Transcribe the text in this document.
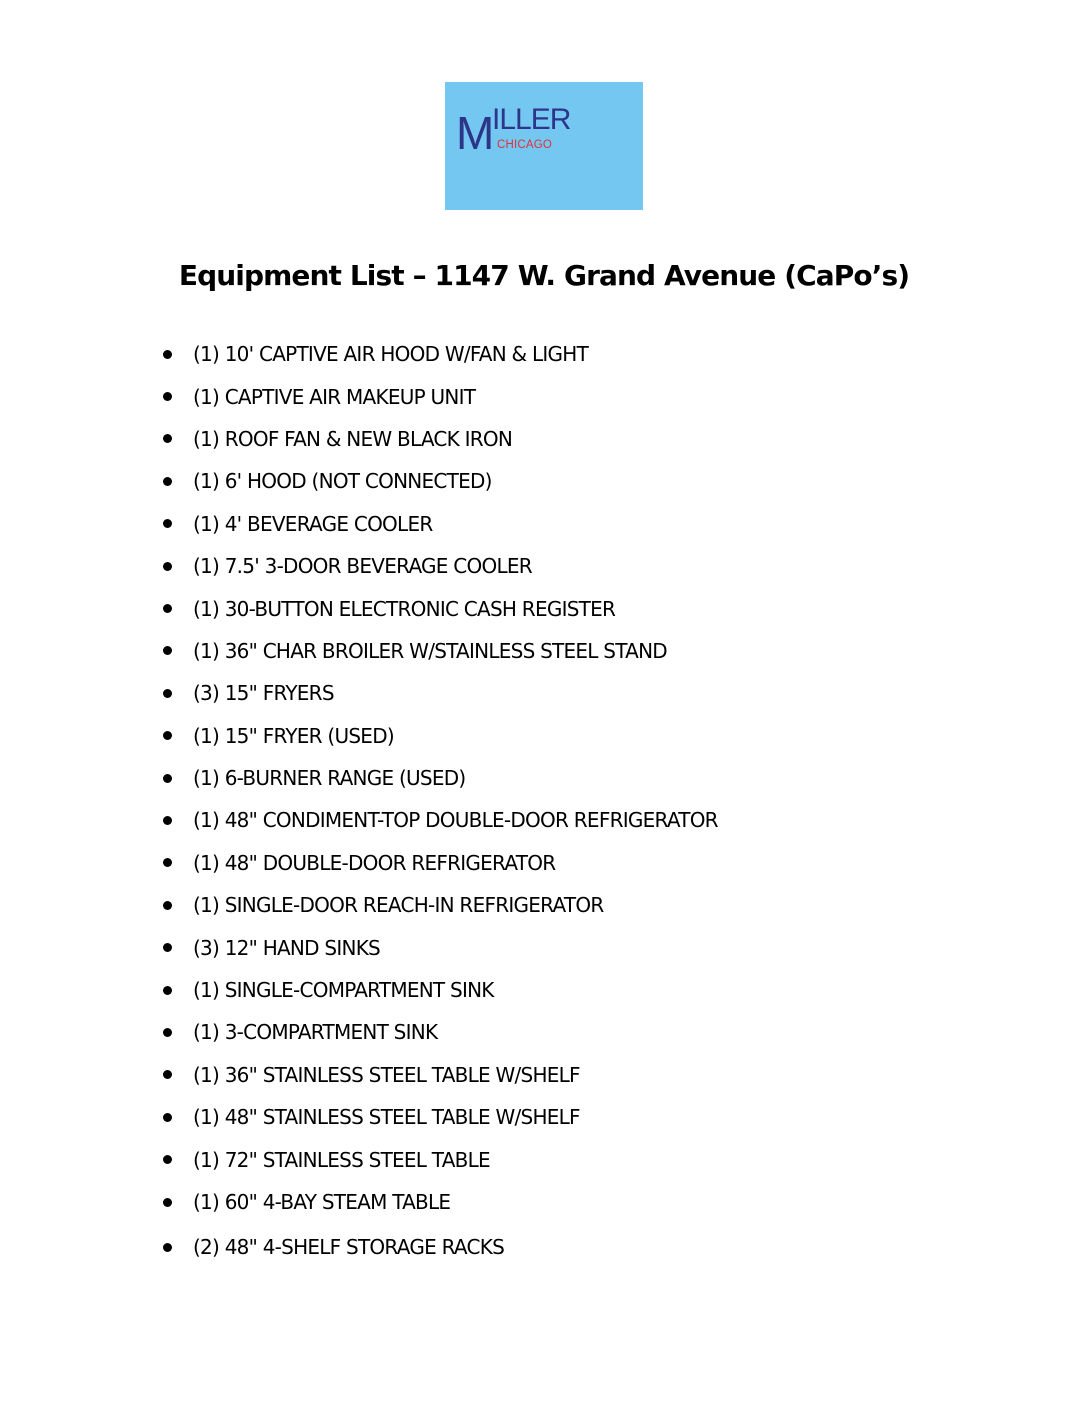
M
ILLER
CHICAGO
Equipment List – 1147 W. Grand Avenue (CaPo’s)
(1) 10' CAPTIVE AIR HOOD W/FAN & LIGHT
(1) CAPTIVE AIR MAKEUP UNIT
(1) ROOF FAN & NEW BLACK IRON
(1) 6' HOOD (NOT CONNECTED)
(1) 4' BEVERAGE COOLER
(1) 7.5' 3-DOOR BEVERAGE COOLER
(1) 30-BUTTON ELECTRONIC CASH REGISTER
(1) 36" CHAR BROILER W/STAINLESS STEEL STAND
(3) 15" FRYERS
(1) 15" FRYER (USED)
(1) 6-BURNER RANGE (USED)
(1) 48" CONDIMENT-TOP DOUBLE-DOOR REFRIGERATOR
(1) 48" DOUBLE-DOOR REFRIGERATOR
(1) SINGLE-DOOR REACH-IN REFRIGERATOR
(3) 12" HAND SINKS
(1) SINGLE-COMPARTMENT SINK
(1) 3-COMPARTMENT SINK
(1) 36" STAINLESS STEEL TABLE W/SHELF
(1) 48" STAINLESS STEEL TABLE W/SHELF
(1) 72" STAINLESS STEEL TABLE
(1) 60" 4-BAY STEAM TABLE
(2) 48" 4-SHELF STORAGE RACKS
